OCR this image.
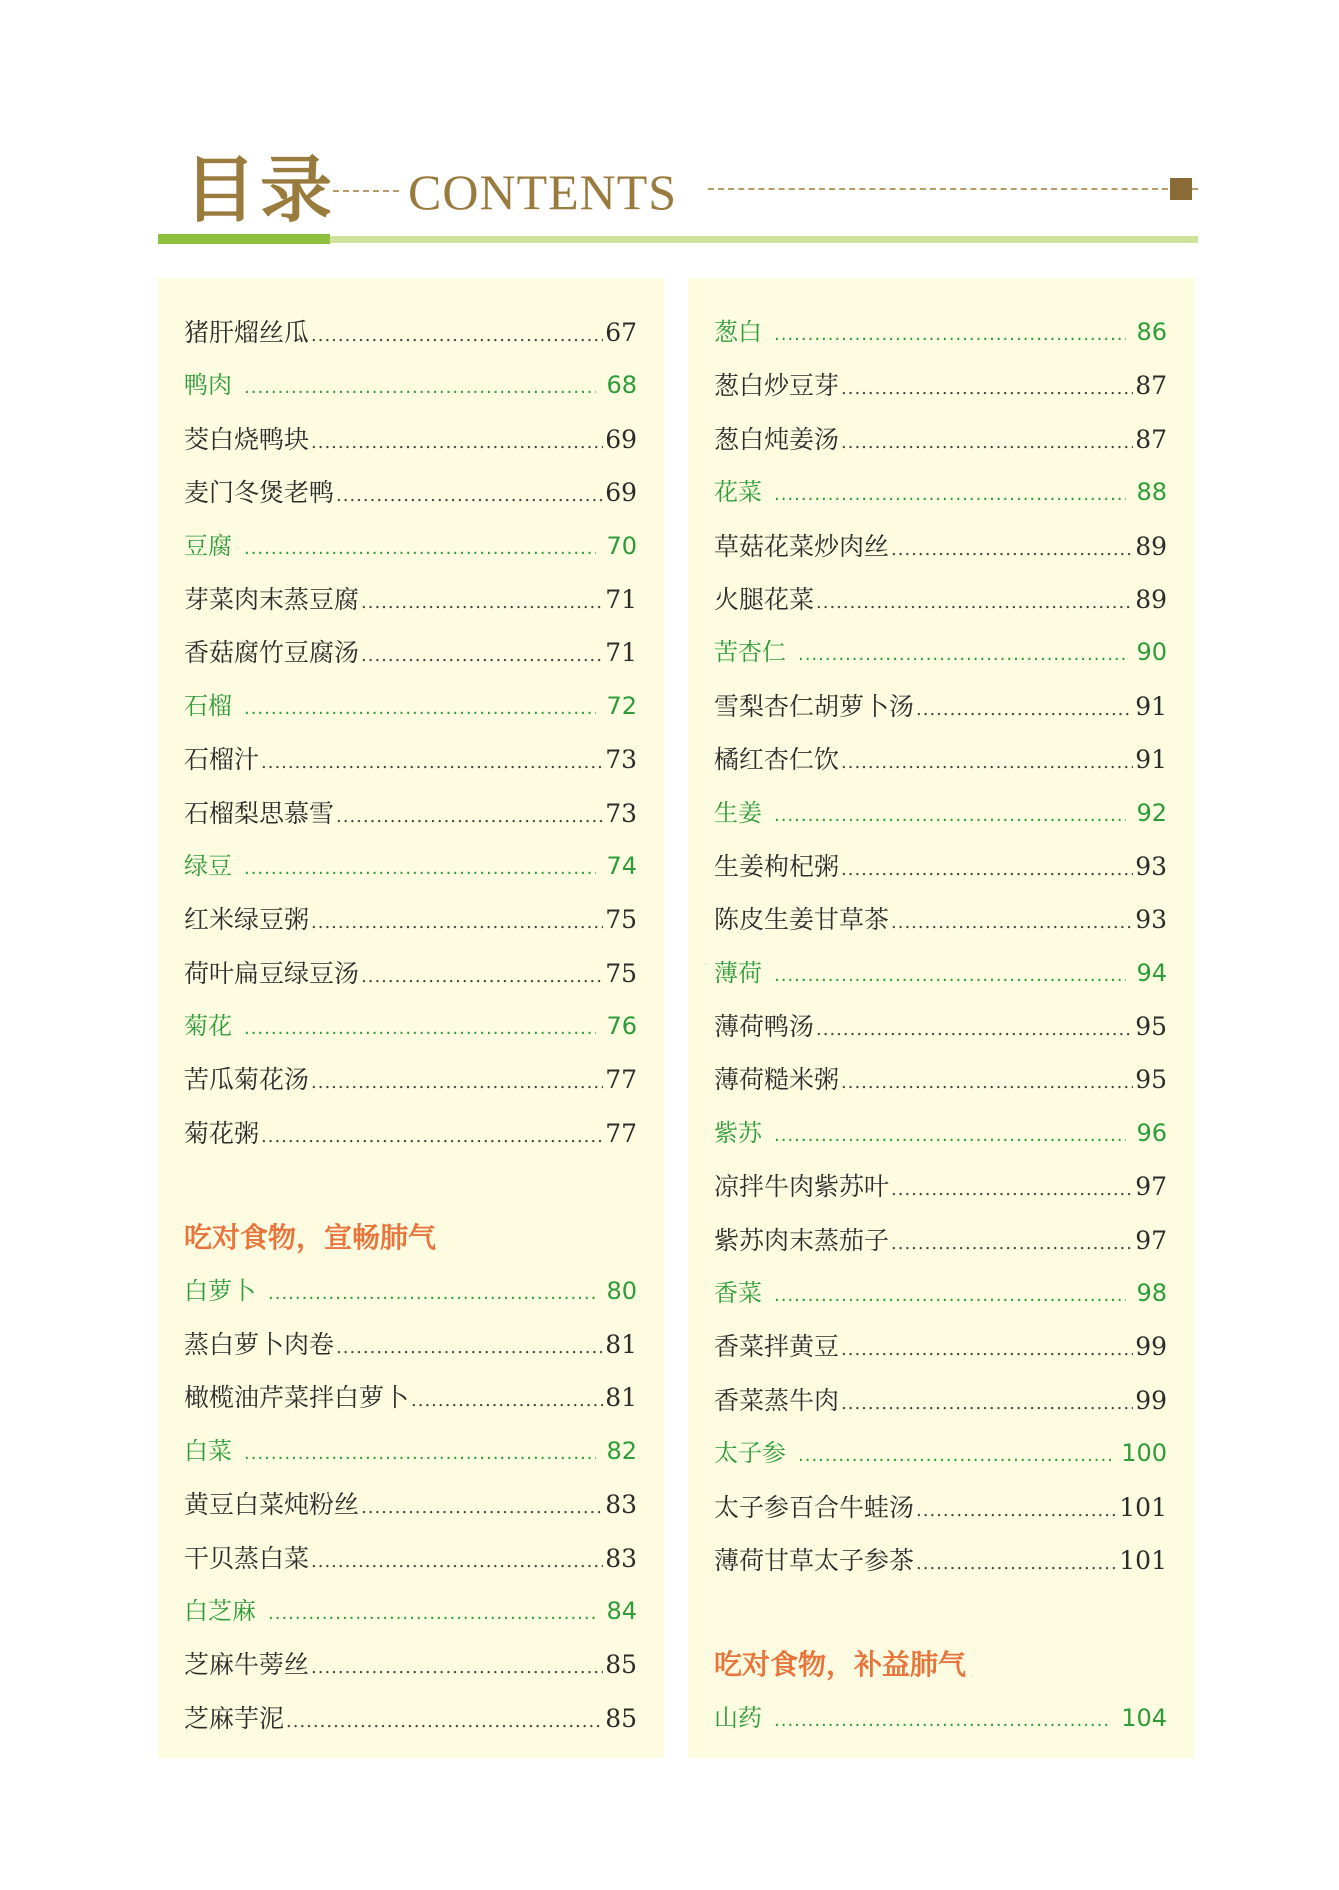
目录 CONTENTS
猪肝熘丝瓜 .....	67
鸭肉 .....	68
茭白烧鸭块 .....	69
麦门冬煲老鸭 .....	69
豆腐 .....	70
芽菜肉末蒸豆腐 .....	71
香菇腐竹豆腐汤 .....	71
石榴 .....	72
石榴汁 .....	73
石榴梨思慕雪 .....	73
绿豆 .....	74
红米绿豆粥 .....	75
荷叶扁豆绿豆汤 .....	75
菊花 .....	76
苦瓜菊花汤 .....	77
菊花粥 .....	77
吃对食物，宣畅肺气
白萝卜 .....	80
蒸白萝卜肉卷 .....	81
橄榄油芹菜拌白萝卜 .....	81
白菜 .....	82
黄豆白菜炖粉丝 .....	83
干贝蒸白菜 .....	83
白芝麻 .....	84
芝麻牛蒡丝 .....	85
芝麻芋泥 .....	85
葱白 .....	86
葱白炒豆芽 .....	87
葱白炖姜汤 .....	87
花菜 .....	88
草菇花菜炒肉丝 .....	89
火腿花菜 .....	89
苦杏仁 .....	90
雪梨杏仁胡萝卜汤 .....	91
橘红杏仁饮 .....	91
生姜 .....	92
生姜枸杞粥 .....	93
陈皮生姜甘草茶 .....	93
薄荷 .....	94
薄荷鸭汤 .....	95
薄荷糙米粥 .....	95
紫苏 .....	96
凉拌牛肉紫苏叶 .....	97
紫苏肉末蒸茄子 .....	97
香菜 .....	98
香菜拌黄豆 .....	99
香菜蒸牛肉 .....	99
太子参 .....	100
太子参百合牛蛙汤 .....	101
薄荷甘草太子参茶 .....	101
吃对食物，补益肺气
山药 .....	104
